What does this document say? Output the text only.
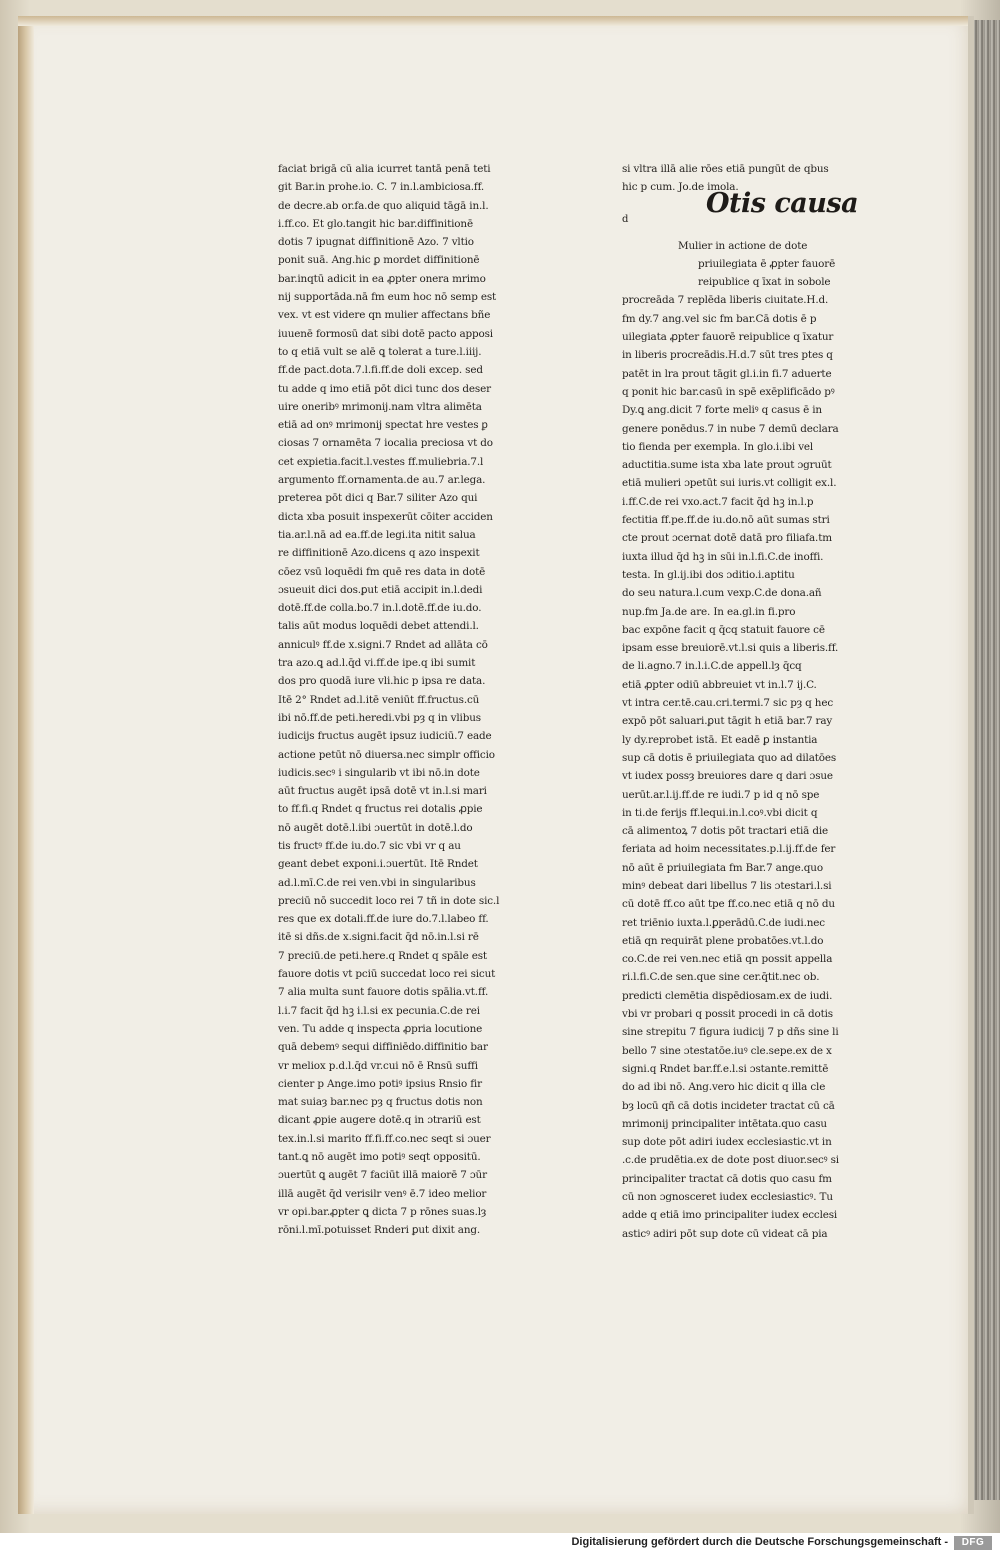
faciat brigā cū alia icurret tantā penā teti
git Bar.in prohe.io. C. 7 in.l.ambiciosa.ff.
de decre.ab or.fa.de quo aliquid tāgā in.l.
i.ff.co. Et glo.tangit hic bar.diffinitionē
dotis 7 ipugnat diffinitionē Azo. 7 vltio
ponit suā. Ang.hic ꝑ mordet diffinitionē
bar.inqtū adicit in ea ꝓpter onera mrimo
nij supportāda.nā fm eum hoc nō semp est
vex. vt est videre qn mulier affectans bñe
iuuenē formosū dat sibi dotē pacto apposi
to q etiā vult se alē ꝗ tolerat a ture.l.iiij.
ff.de pact.dota.7.l.fi.ff.de doli excep. sed
tu adde q imo etiā pōt dici tunc dos deser
uire oneribꝰ mrimonij.nam vltra alimēta
etiā ad onꝰ mrimonij spectat hre vestes ꝑ
ciosas 7 ornamēta 7 iocalia preciosa vt do
cet expietia.facit.l.vestes ff.muliebria.7.l
argumento ff.ornamenta.de au.7 ar.lega.
preterea pōt dici q Bar.7 siliter Azo qui
dicta xba posuit inspexerūt cōiter acciden
tia.ar.l.nā ad ea.ff.de legi.ita nitit salua
re diffinitionē Azo.dicens q azo inspexit
cōez vsū loquēdi fm quē res data in dotē
ɔsueuit dici dos.ꝑut etiā accipit in.l.dedi
dotē.ff.de colla.bo.7 in.l.dotē.ff.de iu.do.
talis aūt modus loquēdi debet attendi.l.
anniculꝰ ff.de x.signi.7 Rndet ad allāta cō
tra azo.ꝗ ad.l.q̄d vi.ff.de ipe.q ibi sumit
dos pro quodā iure vli.hic p ipsa re data.
Itē 2° Rndet ad.l.itē veniūt ff.fructus.cū
ibi nō.ff.de peti.heredi.vbi pȝ q in vlibus
iudicijs fructus augēt ipsuz iudiciū.7 eade
actione petūt nō diuersa.nec simplr officio
iudicis.secꝰ i singularib vt ibi nō.in dote
aūt fructus augēt ipsā dotē vt in.l.si mari
to ff.fi.q Rndet q fructus rei dotalis ꝓpie
nō augēt dotē.l.ibi ɔuertūt in dotē.l.do
tis fructꝰ ff.de iu.do.7 sic vbi vr q au
geant debet exponi.i.ɔuertūt. Itē Rndet
ad.l.mī.C.de rei ven.vbi in singularibus
preciū nō succedit loco rei 7 tñ in dote sic.l
res que ex dotali.ff.de iure do.7.l.labeo ff.
itē si dñs.de x.signi.facit q̄d nō.in.l.si rē
7 preciū.de peti.here.q Rndet q spāle est
fauore dotis vt pciū succedat loco rei sicut
7 alia multa sunt fauore dotis spālia.vt.ff.
l.i.7 facit q̄d hꝫ i.l.si ex pecunia.C.de rei
ven. Tu adde q inspecta ꝓpria locutione
quā debemꝰ sequi diffiniēdo.diffinitio bar
vr meliox p.d.l.q̄d vr.cui nō ē Rnsū suffi
cienter p Ange.imo potiꝰ ipsius Rnsio fir
mat suiaȝ bar.nec pȝ q fructus dotis non
dicant ꝓpie augere dotē.q in ɔtrariū est
tex.in.l.si marito ff.fi.ff.co.nec seqt si ɔuer
tant.ꝗ nō augēt imo potiꝰ seqt oppositū.
ɔuertūt ꝗ augēt 7 faciūt illā maiorē 7 ɔūr
illā augēt q̄d verisilr venꝰ ē.7 ideo melior
vr opi.bar.ꝓpter ꝗ dicta 7 p rōnes suas.lȝ
rōni.l.mī.potuisset Rnderi ꝑut dixit ang.
si vltra illā alie rōes etiā pungūt de qbus
hic p cum. Jo.de imola.
d
Otis causa
Mulier in actione de dote
priuilegiata ē ꝓpter fauorē
reipublice q īxat in sobole
procreāda 7 replēda liberis ciuitate.H.d.
fm dy.7 ang.vel sic fm bar.Cā dotis ē p
uilegiata ꝓpter fauorē reipublice q īxatur
in liberis procreādis.H.d.7 sūt tres ptes q
patēt in lra prout tāgit gl.i.in fi.7 aduerte
q ponit hic bar.casū in spē exēplificādo pꝰ
Dy.ꝗ ang.dicit 7 forte meliꝰ q casus ē in
genere ponēdus.7 in nube 7 demū declara
tio fienda per exempla. In glo.i.ibi vel
aductitia.sume ista xba late prout ɔgruūt
etiā mulieri ɔpetūt sui iuris.vt colligit ex.l.
i.ff.C.de rei vxo.act.7 facit q̄d hꝫ in.l.p
fectitia ff.pe.ff.de iu.do.nō aūt sumas stri
cte prout ɔcernat dotē datā pro filiafa.tm
iuxta illud q̄d hꝫ in sūi in.l.fi.C.de inoffi.
testa. In gl.ij.ibi dos ɔditio.i.aptitu
do seu natura.l.cum vexp.C.de dona.añ
nup.fm Ja.de are. In ea.gl.in fi.pro
bac expōne facit q q̄cq statuit fauore cē
ipsam esse breuiorē.vt.l.si quis a liberis.ff.
de li.agno.7 in.l.i.C.de appell.lȝ q̄cq
etiā ꝓpter odiū abbreuiet vt in.l.7 ij.C.
vt intra cer.tē.cau.cri.termi.7 sic pȝ q hec
expō pōt saluari.ꝑut tāgit h etiā bar.7 ray
ly dy.reprobet istā. Et eadē ꝑ instantia
sup cā dotis ē priuilegiata quo ad dilatōes
vt iudex possȝ breuiores dare q dari ɔsue
uerūt.ar.l.ij.ff.de re iudi.7 p id q nō spe
in ti.de ferijs ff.lequi.in.l.coꝰ.vbi dicit q
cā alimentoꝝ 7 dotis pōt tractari etiā die
feriata ad hoim necessitates.p.l.ij.ff.de fer
nō aūt ē priuilegiata fm Bar.7 ange.quo
minꝰ debeat dari libellus 7 lis ɔtestari.l.si
cū dotē ff.co aūt tpe ff.co.nec etiā q nō du
ret triēnio iuxta.l.ꝑperādū.C.de iudi.nec
etiā qn requirāt plene probatōes.vt.l.do
co.C.de rei ven.nec etiā qn possit appella
ri.l.fi.C.de sen.que sine cer.q̄tit.nec ob.
predicti clemētia dispēdiosam.ex de iudi.
vbi vr probari q possit procedi in cā dotis
sine strepitu 7 figura iudicij 7 p dñs sine li
bello 7 sine ɔtestatōe.iuꝰ cle.sepe.ex de x
signi.q Rndet bar.ff.e.l.si ɔstante.remittē
do ad ibi nō. Ang.vero hic dicit q illa cle
bȝ locū qñ cā dotis incideter tractat cū cā
mrimonij principaliter intētata.quo casu
sup dote pōt adiri iudex ecclesiastic.vt in
.c.de prudētia.ex de dote post diuor.secꝰ si
principaliter tractat cā dotis quo casu fm
cū non ɔgnosceret iudex ecclesiasticꝰ. Tu
adde q etiā imo principaliter iudex ecclesi
asticꝰ adiri pōt sup dote cū videat cā pia
Digitalisierung gefördert durch die Deutsche Forschungsgemeinschaft -	DFG
